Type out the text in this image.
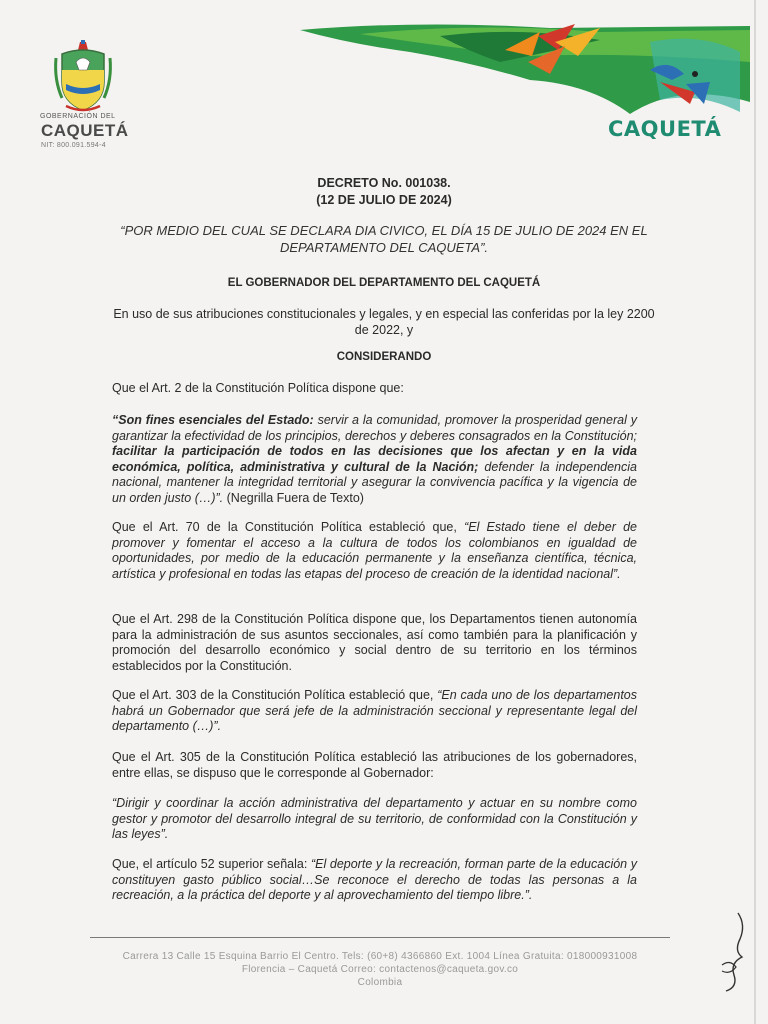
GOBERNACIÓN DEL
CAQUETÁ
NIT: 800.091.594-4
CAQUETÁ
DECRETO No. 001038.
(12 DE JULIO DE 2024)
“POR MEDIO DEL CUAL SE DECLARA DIA CIVICO, EL DÍA 15 DE JULIO DE 2024 EN EL DEPARTAMENTO DEL CAQUETA”.
EL GOBERNADOR DEL DEPARTAMENTO DEL CAQUETÁ
En uso de sus atribuciones constitucionales y legales, y en especial las conferidas por la ley 2200 de 2022, y
CONSIDERANDO
Que el Art. 2 de la Constitución Política dispone que:
“Son fines esenciales del Estado: servir a la comunidad, promover la prosperidad general y garantizar la efectividad de los principios, derechos y deberes consagrados en la Constitución; facilitar la participación de todos en las decisiones que los afectan y en la vida económica, política, administrativa y cultural de la Nación; defender la independencia nacional, mantener la integridad territorial y asegurar la convivencia pacífica y la vigencia de un orden justo (…)”. (Negrilla Fuera de Texto)
Que el Art. 70 de la Constitución Política estableció que, “El Estado tiene el deber de promover y fomentar el acceso a la cultura de todos los colombianos en igualdad de oportunidades, por medio de la educación permanente y la enseñanza científica, técnica, artística y profesional en todas las etapas del proceso de creación de la identidad nacional”.
Que el Art. 298 de la Constitución Política dispone que, los Departamentos tienen autonomía para la administración de sus asuntos seccionales, así como también para la planificación y promoción del desarrollo económico y social dentro de su territorio en los términos establecidos por la Constitución.
Que el Art. 303 de la Constitución Política estableció que, “En cada uno de los departamentos habrá un Gobernador que será jefe de la administración seccional y representante legal del departamento (…)”.
Que el Art. 305 de la Constitución Política estableció las atribuciones de los gobernadores, entre ellas, se dispuso que le corresponde al Gobernador:
“Dirigir y coordinar la acción administrativa del departamento y actuar en su nombre como gestor y promotor del desarrollo integral de su territorio, de conformidad con la Constitución y las leyes”.
Que, el artículo 52 superior señala: “El deporte y la recreación, forman parte de la educación y constituyen gasto público social…Se reconoce el derecho de todas las personas a la recreación, a la práctica del deporte y al aprovechamiento del tiempo libre.”.
Carrera 13 Calle 15 Esquina Barrio El Centro. Tels: (60+8) 4366860 Ext. 1004 Línea Gratuita: 018000931008
Florencia – Caquetá Correo: contactenos@caqueta.gov.co
Colombia
